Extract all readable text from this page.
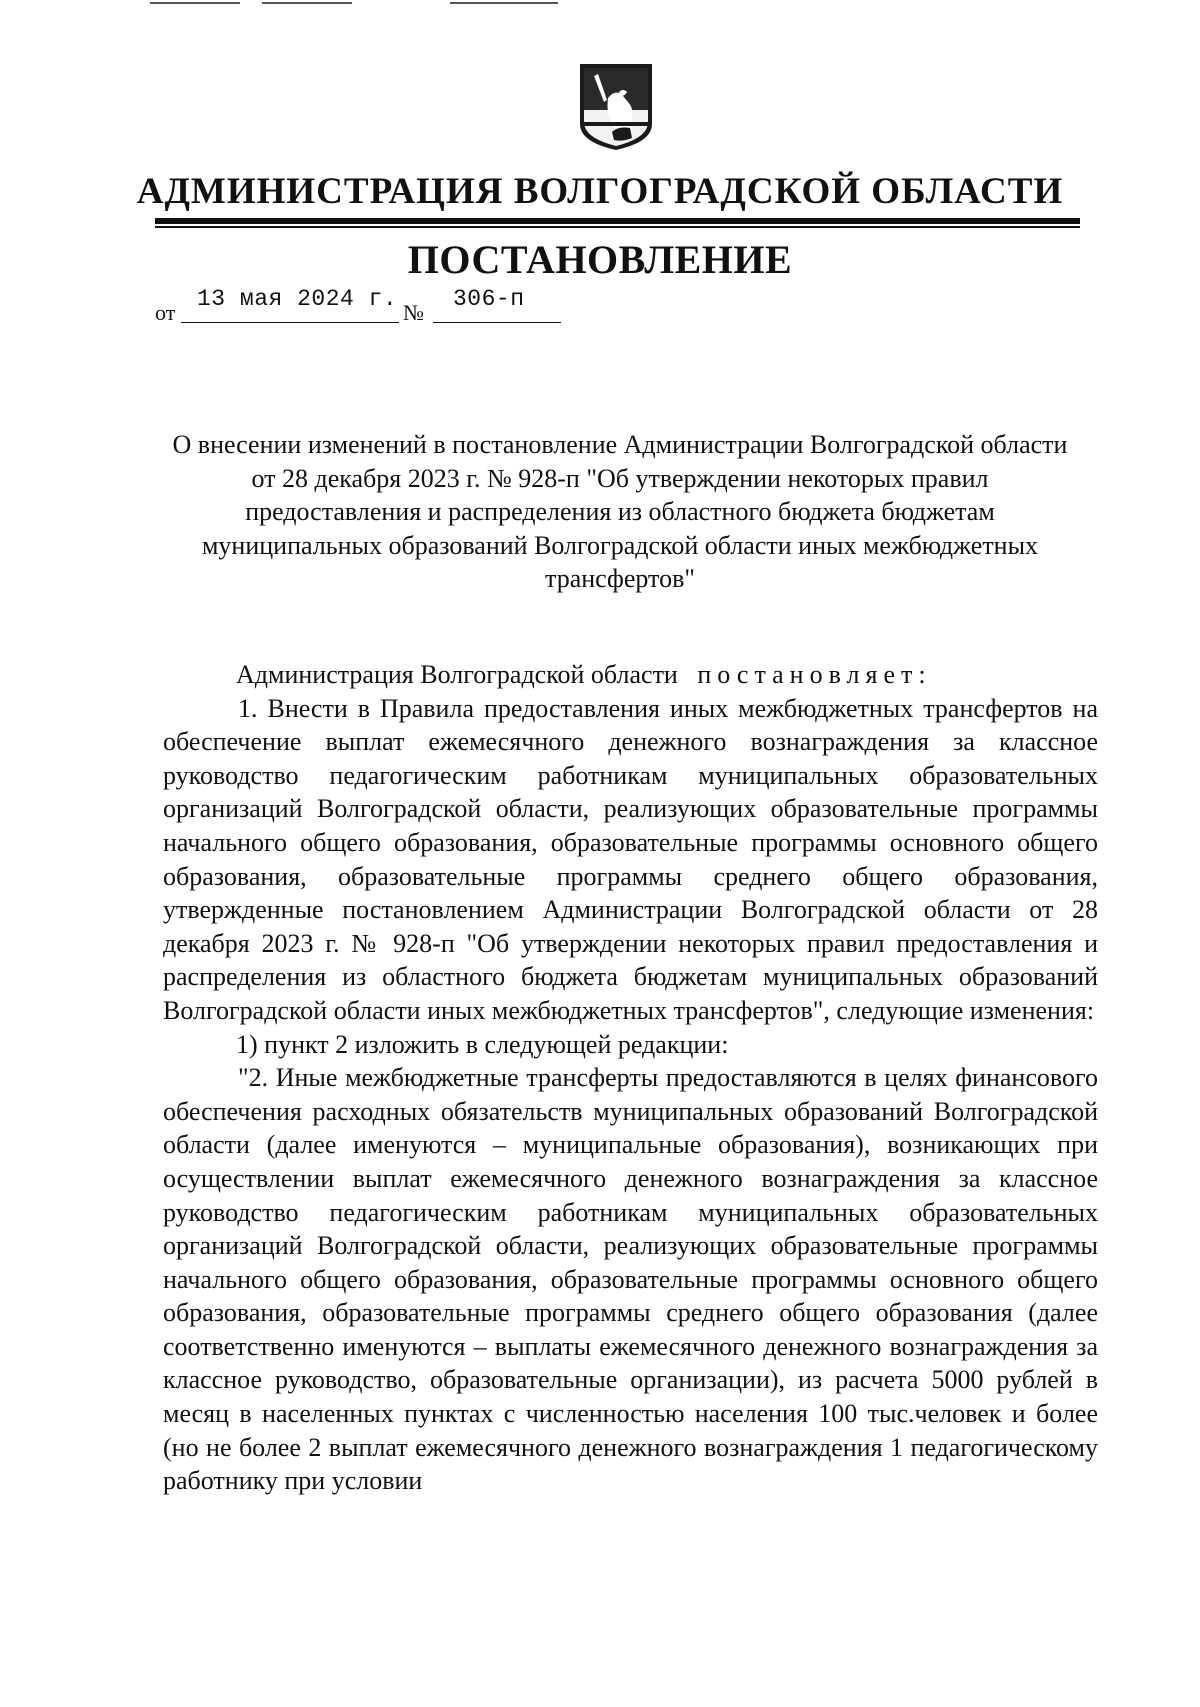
АДМИНИСТРАЦИЯ ВОЛГОГРАДСКОЙ ОБЛАСТИ
ПОСТАНОВЛЕНИЕ
от
13 мая 2024 г.
№
306-п
О внесении изменений в постановление Администрации Волгоградской области от 28 декабря 2023 г. № 928-п "Об утверждении некоторых правил предоставления и распределения из областного бюджета бюджетам муниципальных образований Волгоградской области иных межбюджетных трансфертов"

Администрация Волгоградской области постановляет:

1. Внести в Правила предоставления иных межбюджетных трансфертов на обеспечение выплат ежемесячного денежного вознаграждения за классное руководство педагогическим работникам муниципальных образовательных организаций Волгоградской области, реализующих образовательные программы начального общего образования, образовательные программы основного общего образования, образовательные программы среднего общего образования, утвержденные постановлением Администрации Волгоградской области от 28 декабря 2023 г. № 928-п "Об утверждении некоторых правил предоставления и распределения из областного бюджета бюджетам муниципальных образований Волгоградской области иных межбюджетных трансфертов", следующие изменения:

1) пункт 2 изложить в следующей редакции:

"2. Иные межбюджетные трансферты предоставляются в целях финансового обеспечения расходных обязательств муниципальных образований Волгоградской области (далее именуются – муниципальные образования), возникающих при осуществлении выплат ежемесячного денежного вознаграждения за классное руководство педагогическим работникам муниципальных образовательных организаций Волгоградской области, реализующих образовательные программы начального общего образования, образовательные программы основного общего образования, образовательные программы среднего общего образования (далее соответственно именуются – выплаты ежемесячного денежного вознаграждения за классное руководство, образовательные организации), из расчета 5000 рублей в месяц в населенных пунктах с численностью населения 100 тыс.человек и более (но не более 2 выплат ежемесячного денежного вознаграждения 1 педагогическому работнику при условии
